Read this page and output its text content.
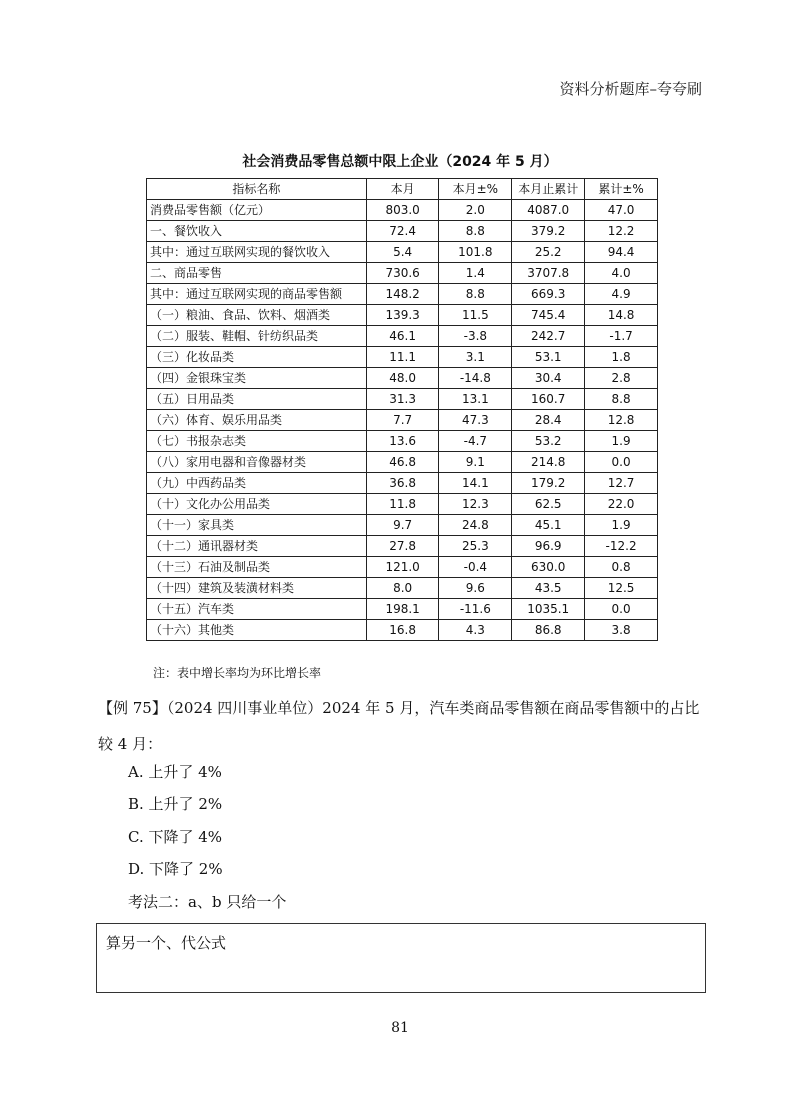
资料分析题库–夸夸刷
社会消费品零售总额中限上企业（2024 年 5 月）
指标名称	本月	本月±%	本月止累计	累计±%
消费品零售额（亿元）	803.0	2.0	4087.0	47.0
一、餐饮收入	72.4	8.8	379.2	12.2
其中：通过互联网实现的餐饮收入	5.4	101.8	25.2	94.4
二、商品零售	730.6	1.4	3707.8	4.0
其中：通过互联网实现的商品零售额	148.2	8.8	669.3	4.9
（一）粮油、食品、饮料、烟酒类	139.3	11.5	745.4	14.8
（二）服装、鞋帽、针纺织品类	46.1	-3.8	242.7	-1.7
（三）化妆品类	11.1	3.1	53.1	1.8
（四）金银珠宝类	48.0	-14.8	30.4	2.8
（五）日用品类	31.3	13.1	160.7	8.8
（六）体育、娱乐用品类	7.7	47.3	28.4	12.8
（七）书报杂志类	13.6	-4.7	53.2	1.9
（八）家用电器和音像器材类	46.8	9.1	214.8	0.0
（九）中西药品类	36.8	14.1	179.2	12.7
（十）文化办公用品类	11.8	12.3	62.5	22.0
（十一）家具类	9.7	24.8	45.1	1.9
（十二）通讯器材类	27.8	25.3	96.9	-12.2
（十三）石油及制品类	121.0	-0.4	630.0	0.8
（十四）建筑及装潢材料类	8.0	9.6	43.5	12.5
（十五）汽车类	198.1	-11.6	1035.1	0.0
（十六）其他类	16.8	4.3	86.8	3.8
注：表中增长率均为环比增长率
【例 75】（2024 四川事业单位）2024 年 5 月，汽车类商品零售额在商品零售额中的占比较 4 月：
A. 上升了 4%
B. 上升了 2%
C. 下降了 4%
D. 下降了 2%
考法二：a、b 只给一个
算另一个、代公式
81
